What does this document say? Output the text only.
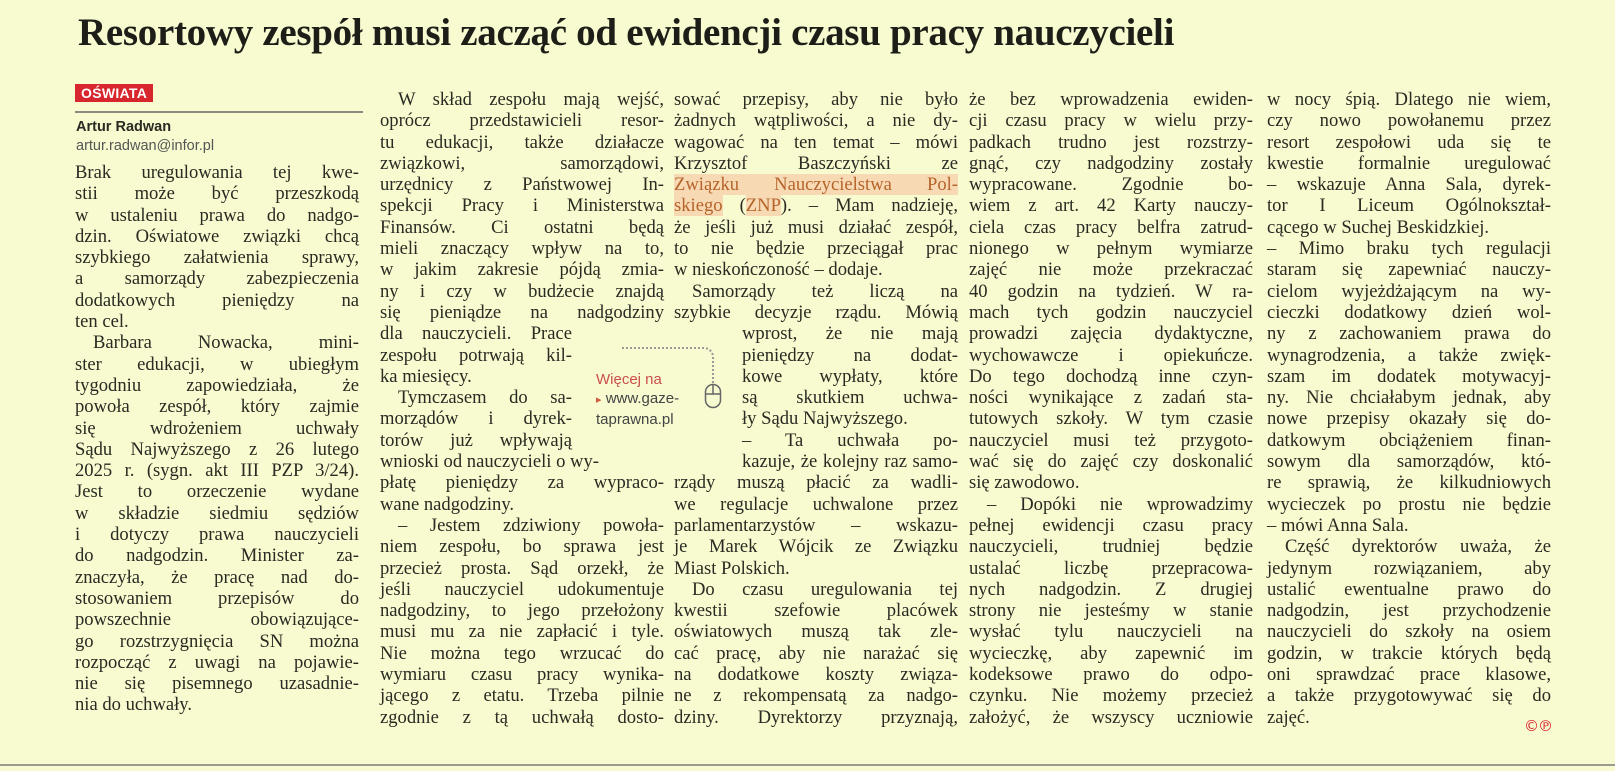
Resortowy zespół musi zacząć od ewidencji czasu pracy nauczycieli
OŚWIATA
Artur Radwan
artur.radwan@infor.pl
Brak uregulowania tej kwe-
stii może być przeszkodą
w ustaleniu prawa do nadgo-
dzin. Oświatowe związki chcą
szybkiego załatwienia sprawy,
a samorządy zabezpieczenia
dodatkowych pieniędzy na
ten cel.
Barbara Nowacka, mini-
ster edukacji, w ubiegłym
tygodniu zapowiedziała, że
powoła zespół, który zajmie
się wdrożeniem uchwały
Sądu Najwyższego z 26 lutego
2025 r. (sygn. akt III PZP 3/24).
Jest to orzeczenie wydane
w składzie siedmiu sędziów
i dotyczy prawa nauczycieli
do nadgodzin. Minister za-
znaczyła, że pracę nad do-
stosowaniem przepisów do
powszechnie obowiązujące-
go rozstrzygnięcia SN można
rozpocząć z uwagi na pojawie-
nie się pisemnego uzasadnie-
nia do uchwały.
W skład zespołu mają wejść,
oprócz przedstawicieli resor-
tu edukacji, także działacze
związkowi, samorządowi,
urzędnicy z Państwowej In-
spekcji Pracy i Ministerstwa
Finansów. Ci ostatni będą
mieli znaczący wpływ na to,
w jakim zakresie pójdą zmia-
ny i czy w budżecie znajdą
się pieniądze na nadgodziny
dla nauczycieli. Prace
zespołu potrwają kil-
ka miesięcy.
Tymczasem do sa-
morządów i dyrek-
torów już wpływają
wnioski od nauczycieli o wy-
płatę pieniędzy za wypraco-
wane nadgodziny.
– Jestem zdziwiony powoła-
niem zespołu, bo sprawa jest
przecież prosta. Sąd orzekł, że
jeśli nauczyciel udokumentuje
nadgodziny, to jego przełożony
musi mu za nie zapłacić i tyle.
Nie można tego wrzucać do
wymiaru czasu pracy wynika-
jącego z etatu. Trzeba pilnie
zgodnie z tą uchwałą dosto-
sować przepisy, aby nie było
żadnych wątpliwości, a nie dy-
wagować na ten temat – mówi
Krzysztof Baszczyński ze
Związku Nauczycielstwa Pol-
skiego (ZNP). – Mam nadzieję,
że jeśli już musi działać zespół,
to nie będzie przeciągał prac
w nieskończoność – dodaje.
Samorządy też liczą na
szybkie decyzje rządu. Mówią
wprost, że nie mają
pieniędzy na dodat-
kowe wypłaty, które
są skutkiem uchwa-
ły Sądu Najwyższego.
– Ta uchwała po-
kazuje, że kolejny raz samo-
rządy muszą płacić za wadli-
we regulacje uchwalone przez
parlamentarzystów – wskazu-
je Marek Wójcik ze Związku
Miast Polskich.
Do czasu uregulowania tej
kwestii szefowie placówek
oświatowych muszą tak zle-
cać pracę, aby nie narażać się
na dodatkowe koszty związa-
ne z rekompensatą za nadgo-
dziny. Dyrektorzy przyznają,
że bez wprowadzenia ewiden-
cji czasu pracy w wielu przy-
padkach trudno jest rozstrzy-
gnąć, czy nadgodziny zostały
wypracowane. Zgodnie bo-
wiem z art. 42 Karty nauczy-
ciela czas pracy belfra zatrud-
nionego w pełnym wymiarze
zajęć nie może przekraczać
40 godzin na tydzień. W ra-
mach tych godzin nauczyciel
prowadzi zajęcia dydaktyczne,
wychowawcze i opiekuńcze.
Do tego dochodzą inne czyn-
ności wynikające z zadań sta-
tutowych szkoły. W tym czasie
nauczyciel musi też przygoto-
wać się do zajęć czy doskonalić
się zawodowo.
– Dopóki nie wprowadzimy
pełnej ewidencji czasu pracy
nauczycieli, trudniej będzie
ustalać liczbę przepracowa-
nych nadgodzin. Z drugiej
strony nie jesteśmy w stanie
wysłać tylu nauczycieli na
wycieczkę, aby zapewnić im
kodeksowe prawo do odpo-
czynku. Nie możemy przecież
założyć, że wszyscy uczniowie
w nocy śpią. Dlatego nie wiem,
czy nowo powołanemu przez
resort zespołowi uda się te
kwestie formalnie uregulować
– wskazuje Anna Sala, dyrek-
tor I Liceum Ogólnokształ-
cącego w Suchej Beskidzkiej.
– Mimo braku tych regulacji
staram się zapewniać nauczy-
cielom wyjeżdżającym na wy-
cieczki dodatkowy dzień wol-
ny z zachowaniem prawa do
wynagrodzenia, a także zwięk-
szam im dodatek motywacyj-
ny. Nie chciałabym jednak, aby
nowe przepisy okazały się do-
datkowym obciążeniem finan-
sowym dla samorządów, któ-
re sprawią, że kilkudniowych
wycieczek po prostu nie będzie
– mówi Anna Sala.
Część dyrektorów uważa, że
jedynym rozwiązaniem, aby
ustalić ewentualne prawo do
nadgodzin, jest przychodzenie
nauczycieli do szkoły na osiem
godzin, w trakcie których będą
oni sprawdzać prace klasowe,
a także przygotowywać się do
zajęć.
Więcej na
▸ www.gaze-
taprawna.pl
©℗
